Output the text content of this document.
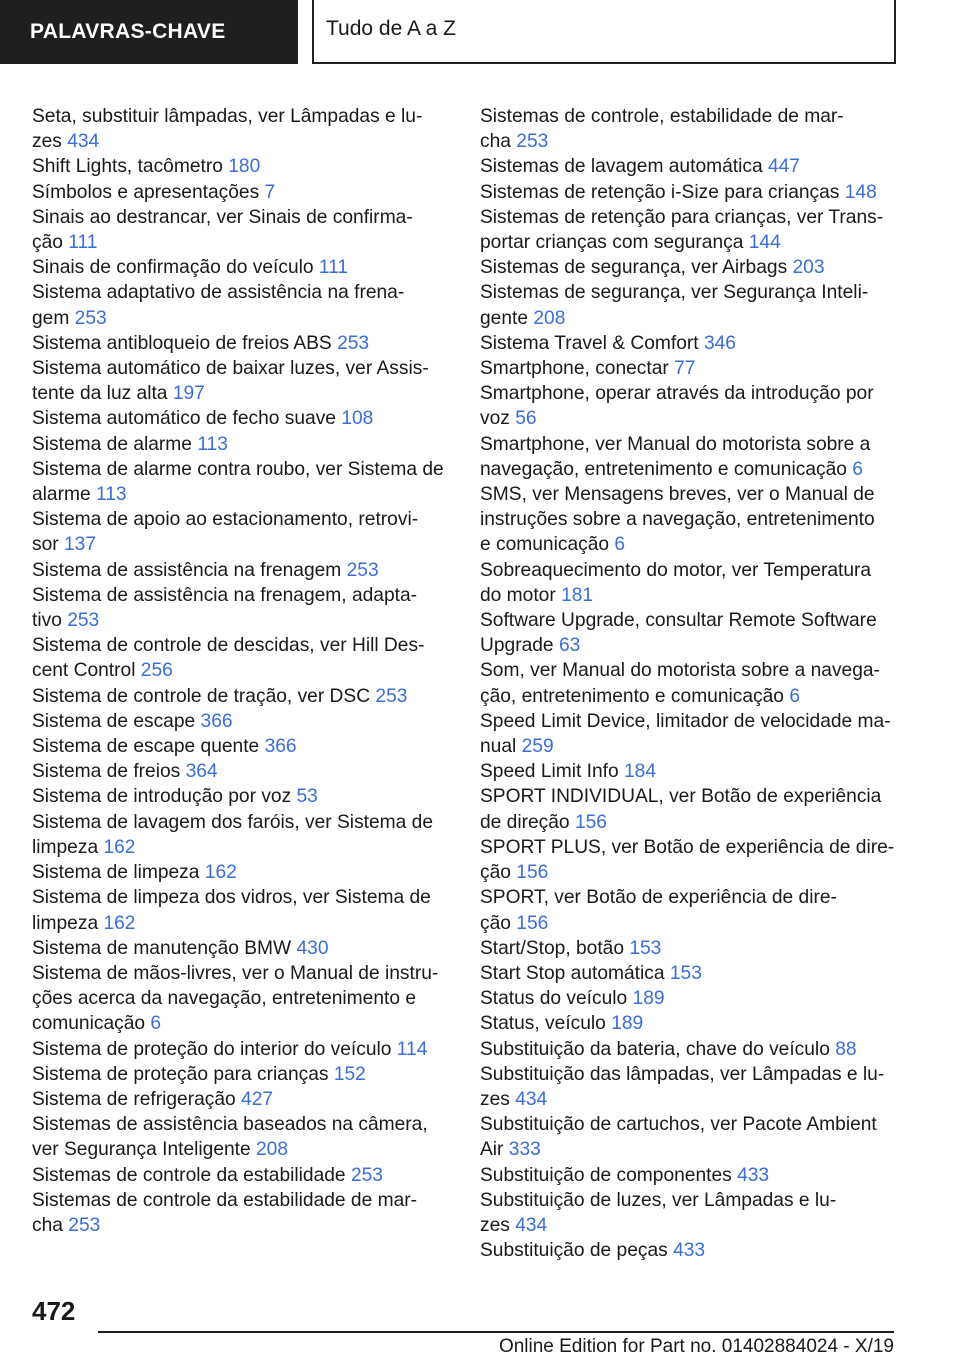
PALAVRAS-CHAVE	Tudo de A a Z

Seta, substituir lâmpadas, ver Lâmpadas e lu-
zes 434

Shift Lights, tacômetro 180

Símbolos e apresentações 7

Sinais ao destrancar, ver Sinais de confirma-
ção 111

Sinais de confirmação do veículo 111

Sistema adaptativo de assistência na frena-
gem 253

Sistema antibloqueio de freios ABS 253

Sistema automático de baixar luzes, ver Assis-
tente da luz alta 197

Sistema automático de fecho suave 108

Sistema de alarme 113

Sistema de alarme contra roubo, ver Sistema de
alarme 113

Sistema de apoio ao estacionamento, retrovi-
sor 137

Sistema de assistência na frenagem 253

Sistema de assistência na frenagem, adapta-
tivo 253

Sistema de controle de descidas, ver Hill Des-
cent Control 256

Sistema de controle de tração, ver DSC 253

Sistema de escape 366

Sistema de escape quente 366

Sistema de freios 364

Sistema de introdução por voz 53

Sistema de lavagem dos faróis, ver Sistema de
limpeza 162

Sistema de limpeza 162

Sistema de limpeza dos vidros, ver Sistema de
limpeza 162

Sistema de manutenção BMW 430

Sistema de mãos-livres, ver o Manual de instru-
ções acerca da navegação, entretenimento e
comunicação 6

Sistema de proteção do interior do veículo 114

Sistema de proteção para crianças 152

Sistema de refrigeração 427

Sistemas de assistência baseados na câmera,
ver Segurança Inteligente 208

Sistemas de controle da estabilidade 253

Sistemas de controle da estabilidade de mar-
cha 253

Sistemas de controle, estabilidade de mar-
cha 253

Sistemas de lavagem automática 447

Sistemas de retenção i-Size para crianças 148

Sistemas de retenção para crianças, ver Trans-
portar crianças com segurança 144

Sistemas de segurança, ver Airbags 203

Sistemas de segurança, ver Segurança Inteli-
gente 208

Sistema Travel & Comfort 346

Smartphone, conectar 77

Smartphone, operar através da introdução por
voz 56

Smartphone, ver Manual do motorista sobre a
navegação, entretenimento e comunicação 6

SMS, ver Mensagens breves, ver o Manual de
instruções sobre a navegação, entretenimento
e comunicação 6

Sobreaquecimento do motor, ver Temperatura
do motor 181

Software Upgrade, consultar Remote Software
Upgrade 63

Som, ver Manual do motorista sobre a navega-
ção, entretenimento e comunicação 6

Speed Limit Device, limitador de velocidade ma-
nual 259

Speed Limit Info 184

SPORT INDIVIDUAL, ver Botão de experiência
de direção 156

SPORT PLUS, ver Botão de experiência de dire-
ção 156

SPORT, ver Botão de experiência de dire-
ção 156

Start/Stop, botão 153

Start Stop automática 153

Status do veículo 189

Status, veículo 189

Substituição da bateria, chave do veículo 88

Substituição das lâmpadas, ver Lâmpadas e lu-
zes 434

Substituição de cartuchos, ver Pacote Ambient
Air 333

Substituição de componentes 433

Substituição de luzes, ver Lâmpadas e lu-
zes 434

Substituição de peças 433

472
Online Edition for Part no. 01402884024 - X/19
